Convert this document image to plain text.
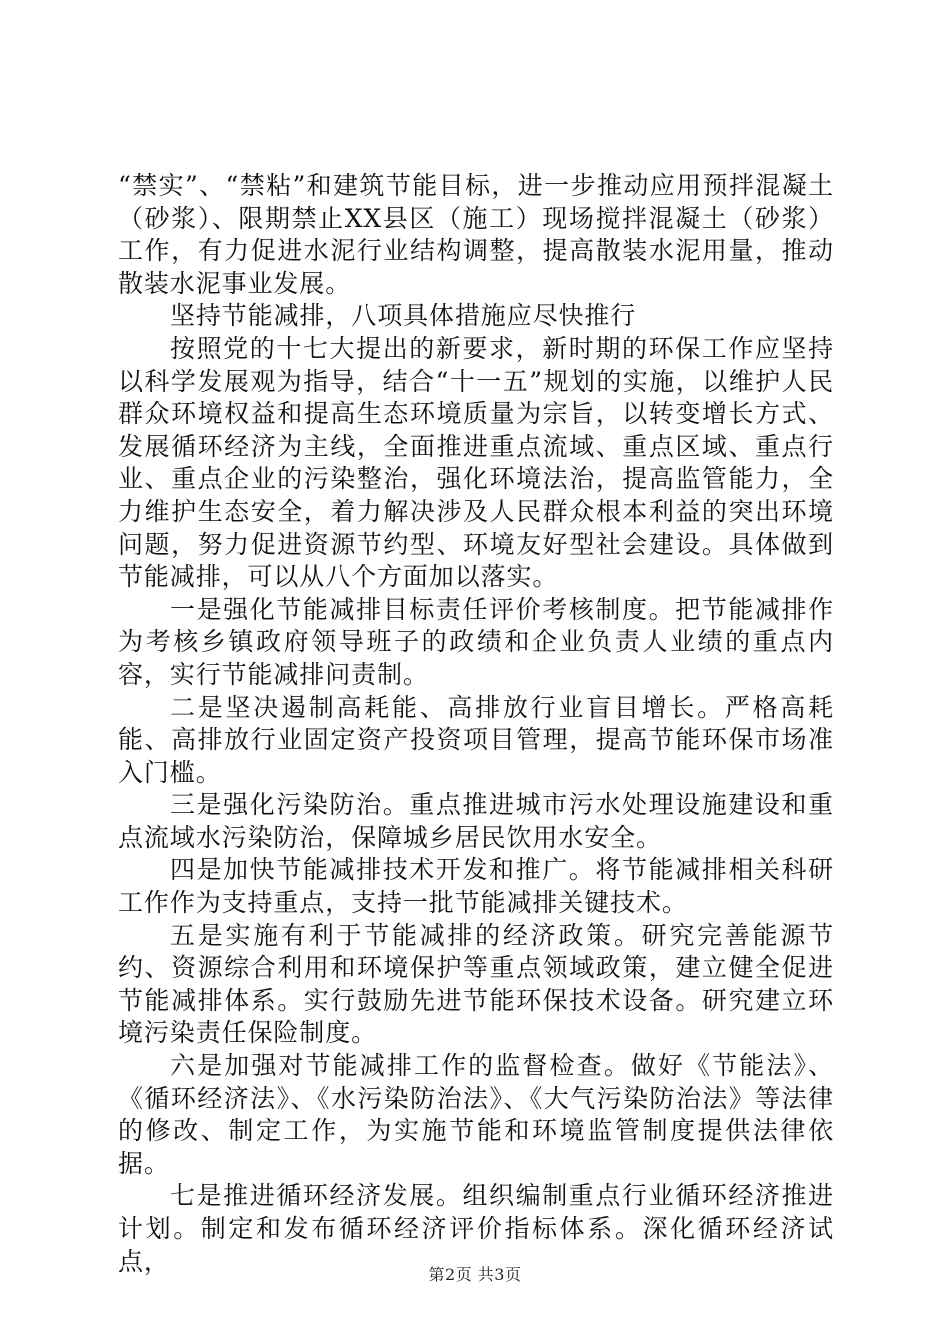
“禁实”、“禁粘”和建筑节能目标，进一步推动应用预拌混凝土（砂浆）、限期禁止XX县区（施工）现场搅拌混凝土（砂浆）工作，有力促进水泥行业结构调整，提高散装水泥用量，推动散装水泥事业发展。

坚持节能减排，八项具体措施应尽快推行

按照党的十七大提出的新要求，新时期的环保工作应坚持以科学发展观为指导，结合“十一五”规划的实施，以维护人民群众环境权益和提高生态环境质量为宗旨，以转变增长方式、发展循环经济为主线，全面推进重点流域、重点区域、重点行业、重点企业的污染整治，强化环境法治，提高监管能力，全力维护生态安全，着力解决涉及人民群众根本利益的突出环境问题，努力促进资源节约型、环境友好型社会建设。具体做到节能减排，可以从八个方面加以落实。

一是强化节能减排目标责任评价考核制度。把节能减排作为考核乡镇政府领导班子的政绩和企业负责人业绩的重点内容，实行节能减排问责制。

二是坚决遏制高耗能、高排放行业盲目增长。严格高耗能、高排放行业固定资产投资项目管理，提高节能环保市场准入门槛。

三是强化污染防治。重点推进城市污水处理设施建设和重点流域水污染防治，保障城乡居民饮用水安全。

四是加快节能减排技术开发和推广。将节能减排相关科研工作作为支持重点，支持一批节能减排关键技术。

五是实施有利于节能减排的经济政策。研究完善能源节约、资源综合利用和环境保护等重点领域政策，建立健全促进节能减排体系。实行鼓励先进节能环保技术设备。研究建立环境污染责任保险制度。

六是加强对节能减排工作的监督检查。做好《节能法》、《循环经济法》、《水污染防治法》、《大气污染防治法》等法律的修改、制定工作，为实施节能和环境监管制度提供法律依据。

七是推进循环经济发展。组织编制重点行业循环经济推进计划。制定和发布循环经济评价指标体系。深化循环经济试点，	第2页 共3页
